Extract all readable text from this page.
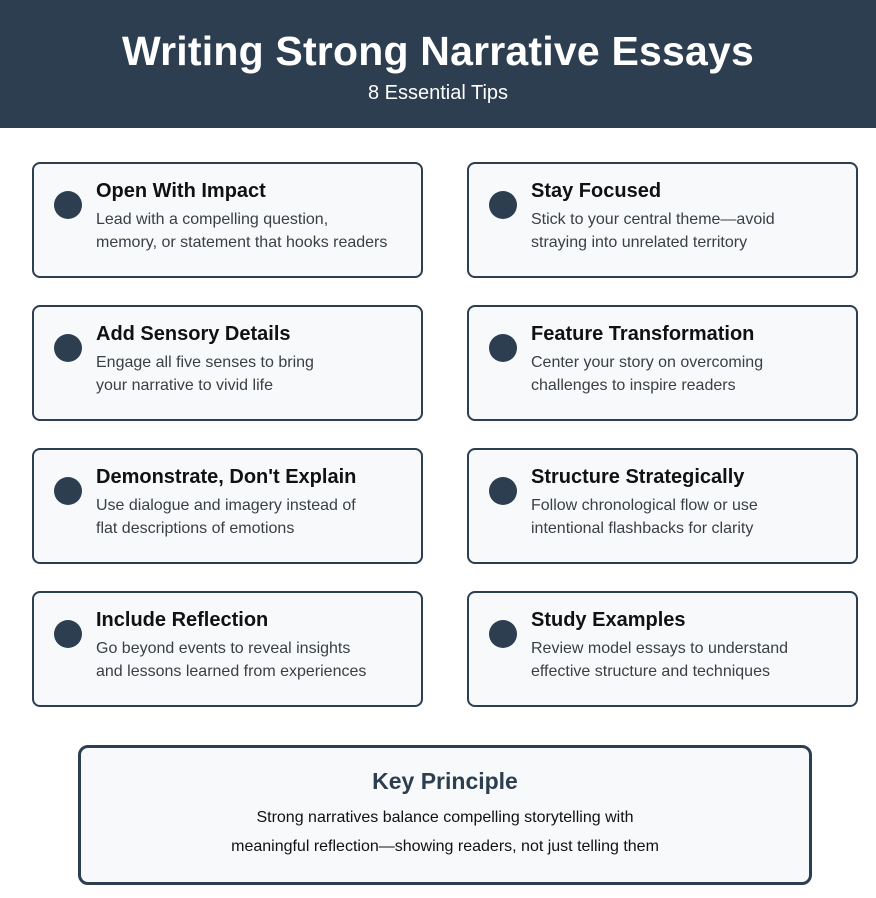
Writing Strong Narrative Essays
8 Essential Tips
Open With Impact
Lead with a compelling question,
memory, or statement that hooks readers
Stay Focused
Stick to your central theme—avoid
straying into unrelated territory
Add Sensory Details
Engage all five senses to bring
your narrative to vivid life
Feature Transformation
Center your story on overcoming
challenges to inspire readers
Demonstrate, Don't Explain
Use dialogue and imagery instead of
flat descriptions of emotions
Structure Strategically
Follow chronological flow or use
intentional flashbacks for clarity
Include Reflection
Go beyond events to reveal insights
and lessons learned from experiences
Study Examples
Review model essays to understand
effective structure and techniques
Key Principle
Strong narratives balance compelling storytelling with
meaningful reflection—showing readers, not just telling them
